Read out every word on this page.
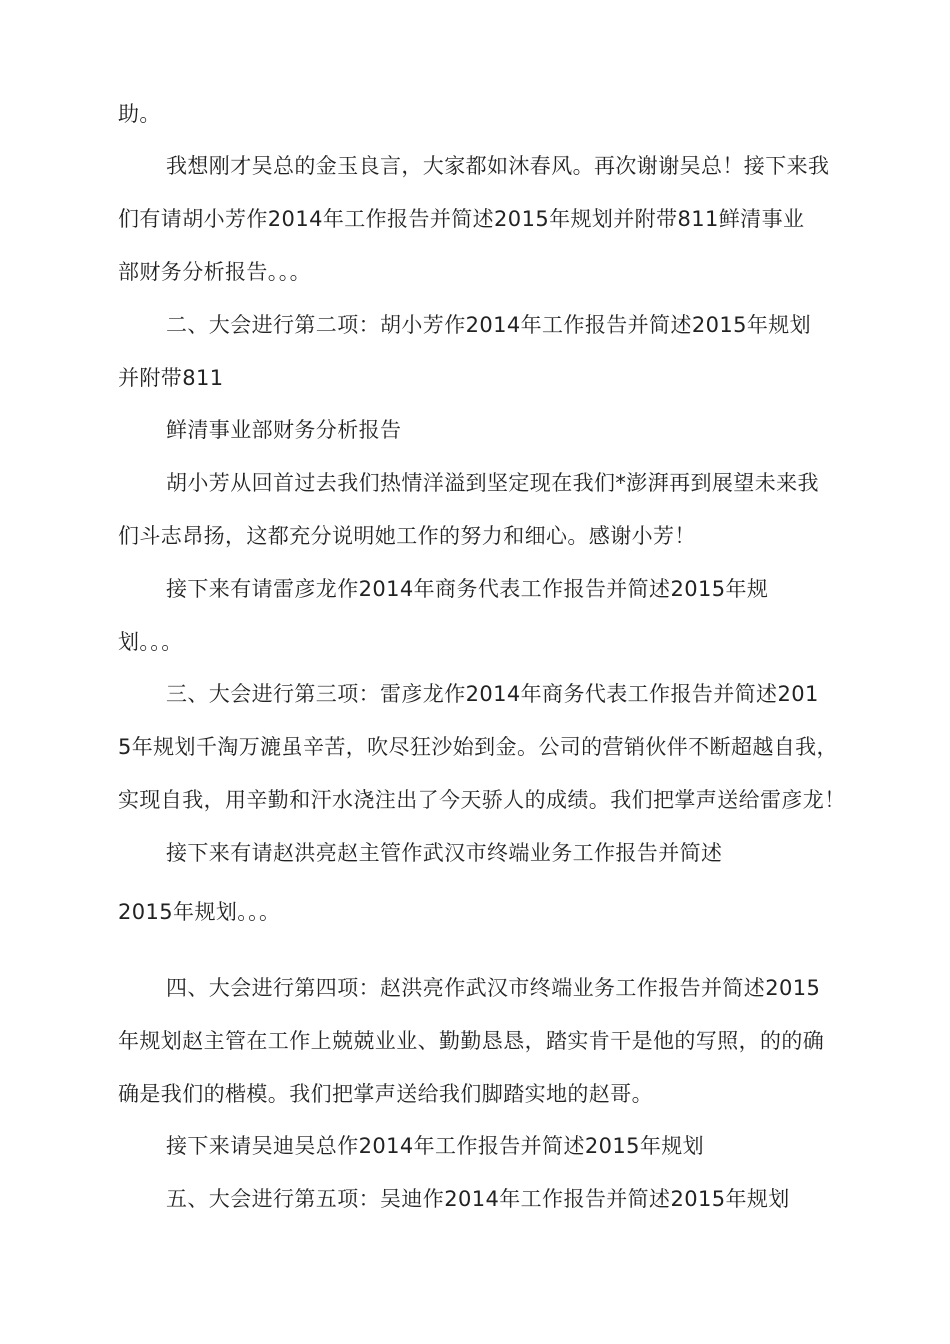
助。
我想刚才吴总的金玉良言，大家都如沐春风。再次谢谢吴总！接下来我
们有请胡小芳作2014年工作报告并简述2015年规划并附带811鲜清事业
部财务分析报告。。。
二、大会进行第二项：胡小芳作2014年工作报告并简述2015年规划
并附带811
鲜清事业部财务分析报告
胡小芳从回首过去我们热情洋溢到坚定现在我们*澎湃再到展望未来我
们斗志昂扬，这都充分说明她工作的努力和细心。感谢小芳！
接下来有请雷彦龙作2014年商务代表工作报告并简述2015年规
划。。。
三、大会进行第三项：雷彦龙作2014年商务代表工作报告并简述201
5年规划千淘万漉虽辛苦，吹尽狂沙始到金。公司的营销伙伴不断超越自我，
实现自我，用辛勤和汗水浇注出了今天骄人的成绩。我们把掌声送给雷彦龙！
接下来有请赵洪亮赵主管作武汉市终端业务工作报告并简述
2015年规划。。。
四、大会进行第四项：赵洪亮作武汉市终端业务工作报告并简述2015
年规划赵主管在工作上兢兢业业、勤勤恳恳，踏实肯干是他的写照，的的确
确是我们的楷模。我们把掌声送给我们脚踏实地的赵哥。
接下来请吴迪吴总作2014年工作报告并简述2015年规划
五、大会进行第五项：吴迪作2014年工作报告并简述2015年规划
